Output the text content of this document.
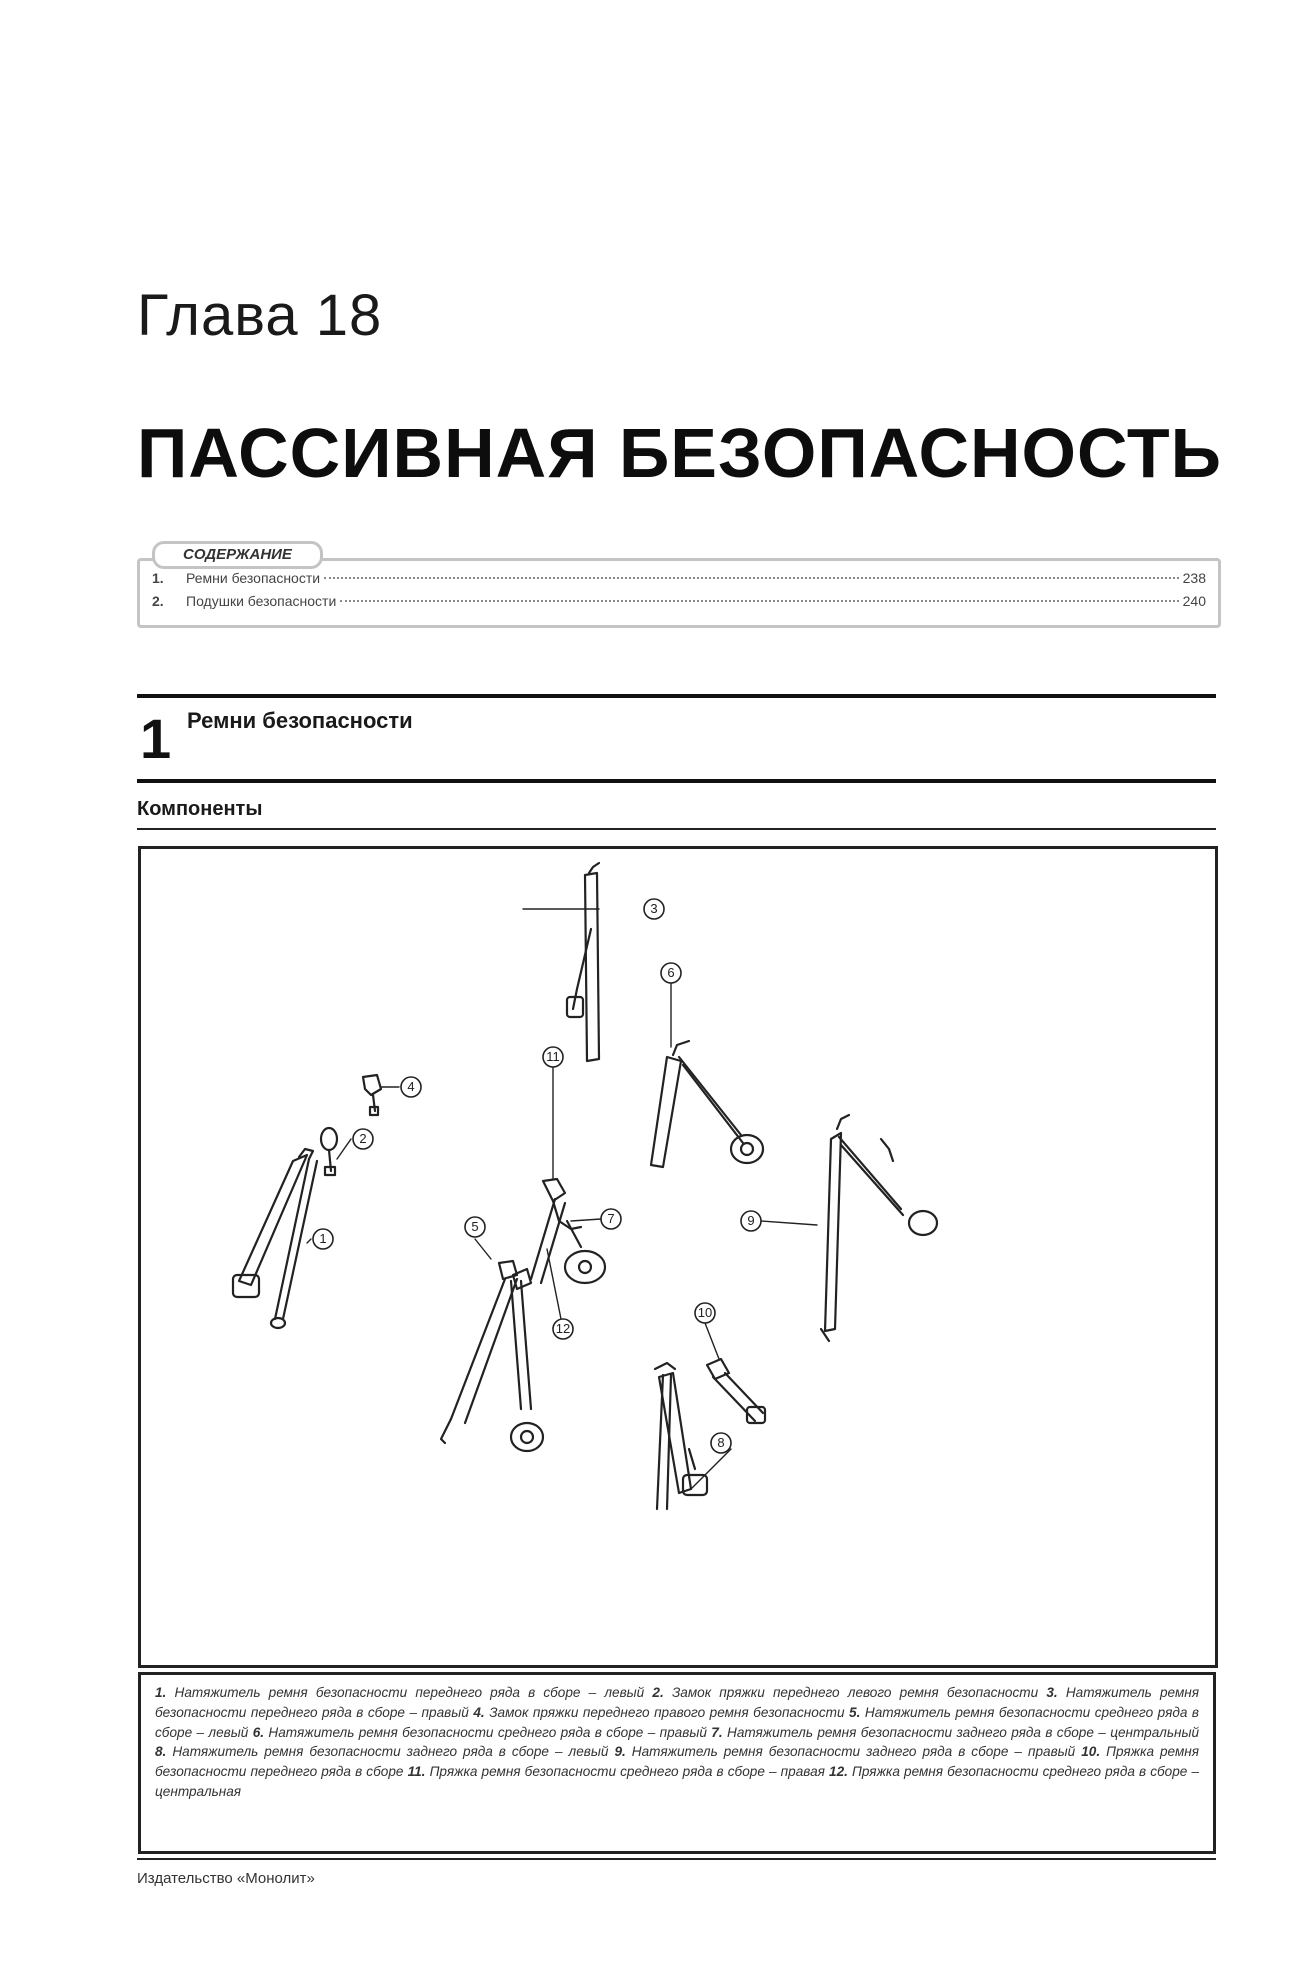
Глава 18
ПАССИВНАЯ БЕЗОПАСНОСТЬ
СОДЕРЖАНИЕ
1.	Ремни безопасности	238
2.	Подушки безопасности	240
1 Ремни безопасности
Компоненты
3
6
4
2
1
11
7
5
12
9
10
8
1. Натяжитель ремня безопасности переднего ряда в сборе – левый 2. Замок пряжки переднего левого ремня безопасности 3. Натяжитель ремня безопасности переднего ряда в сборе – правый 4. Замок пряжки переднего правого ремня безопасности 5. Натяжитель ремня безопасности среднего ряда в сборе – левый 6. Натяжитель ремня безопасности среднего ряда в сборе – правый 7. Натяжитель ремня безопасности заднего ряда в сборе – центральный 8. Натяжитель ремня безопасности заднего ряда в сборе – левый 9. Натяжитель ремня безопасности заднего ряда в сборе – правый 10. Пряжка ремня безопасности переднего ряда в сборе 11. Пряжка ремня безопасности среднего ряда в сборе – правая 12. Пряжка ремня безопасности среднего ряда в сборе – центральная
Издательство «Монолит»
